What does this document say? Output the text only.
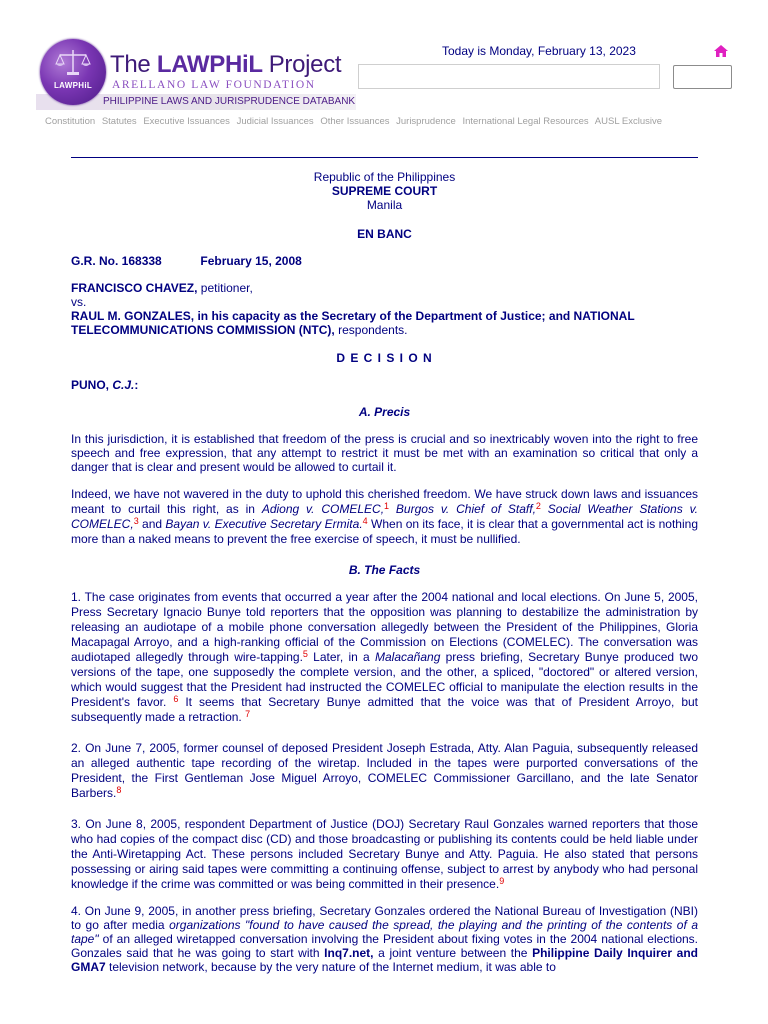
LAWPHiL
The LAWPHiL Project
ARELLANO LAW FOUNDATION
PHILIPPINE LAWS AND JURISPRUDENCE DATABANK
Today is Monday, February 13, 2023
Constitution Statutes Executive Issuances Judicial Issuances Other Issuances Jurisprudence International Legal Resources AUSL Exclusive
Republic of the Philippines
SUPREME COURT
Manila
EN BANC
G.R. No. 168338	February 15, 2008
FRANCISCO CHAVEZ, petitioner,
vs.
RAUL M. GONZALES, in his capacity as the Secretary of the Department of Justice; and NATIONAL TELECOMMUNICATIONS COMMISSION (NTC), respondents.
D E C I S I O N
PUNO, C.J.:
A. Precis

In this jurisdiction, it is established that freedom of the press is crucial and so inextricably woven into the right to free speech and free expression, that any attempt to restrict it must be met with an examination so critical that only a danger that is clear and present would be allowed to curtail it.

Indeed, we have not wavered in the duty to uphold this cherished freedom. We have struck down laws and issuances meant to curtail this right, as in Adiong v. COMELEC,$^1$ Burgos v. Chief of Staff,$^2$ Social Weather Stations v. COMELEC,$^3$ and Bayan v. Executive Secretary Ermita.$^4$ When on its face, it is clear that a governmental act is nothing more than a naked means to prevent the free exercise of speech, it must be nullified.

B. The Facts

1. The case originates from events that occurred a year after the 2004 national and local elections. On June 5, 2005, Press Secretary Ignacio Bunye told reporters that the opposition was planning to destabilize the administration by releasing an audiotape of a mobile phone conversation allegedly between the President of the Philippines, Gloria Macapagal Arroyo, and a high-ranking official of the Commission on Elections (COMELEC). The conversation was audiotaped allegedly through wire-tapping.$^5$ Later, in a Malacañang press briefing, Secretary Bunye produced two versions of the tape, one supposedly the complete version, and the other, a spliced, "doctored" or altered version, which would suggest that the President had instructed the COMELEC official to manipulate the election results in the President's favor. $^6$ It seems that Secretary Bunye admitted that the voice was that of President Arroyo, but subsequently made a retraction. $^7$

2. On June 7, 2005, former counsel of deposed President Joseph Estrada, Atty. Alan Paguia, subsequently released an alleged authentic tape recording of the wiretap. Included in the tapes were purported conversations of the President, the First Gentleman Jose Miguel Arroyo, COMELEC Commissioner Garcillano, and the late Senator Barbers.$^8$

3. On June 8, 2005, respondent Department of Justice (DOJ) Secretary Raul Gonzales warned reporters that those who had copies of the compact disc (CD) and those broadcasting or publishing its contents could be held liable under the Anti-Wiretapping Act. These persons included Secretary Bunye and Atty. Paguia. He also stated that persons possessing or airing said tapes were committing a continuing offense, subject to arrest by anybody who had personal knowledge if the crime was committed or was being committed in their presence.$^9$

4. On June 9, 2005, in another press briefing, Secretary Gonzales ordered the National Bureau of Investigation (NBI) to go after media organizations "found to have caused the spread, the playing and the printing of the contents of a tape" of an alleged wiretapped conversation involving the President about fixing votes in the 2004 national elections. Gonzales said that he was going to start with Inq7.net, a joint venture between the Philippine Daily Inquirer and GMA7 television network, because by the very nature of the Internet medium, it was able to
